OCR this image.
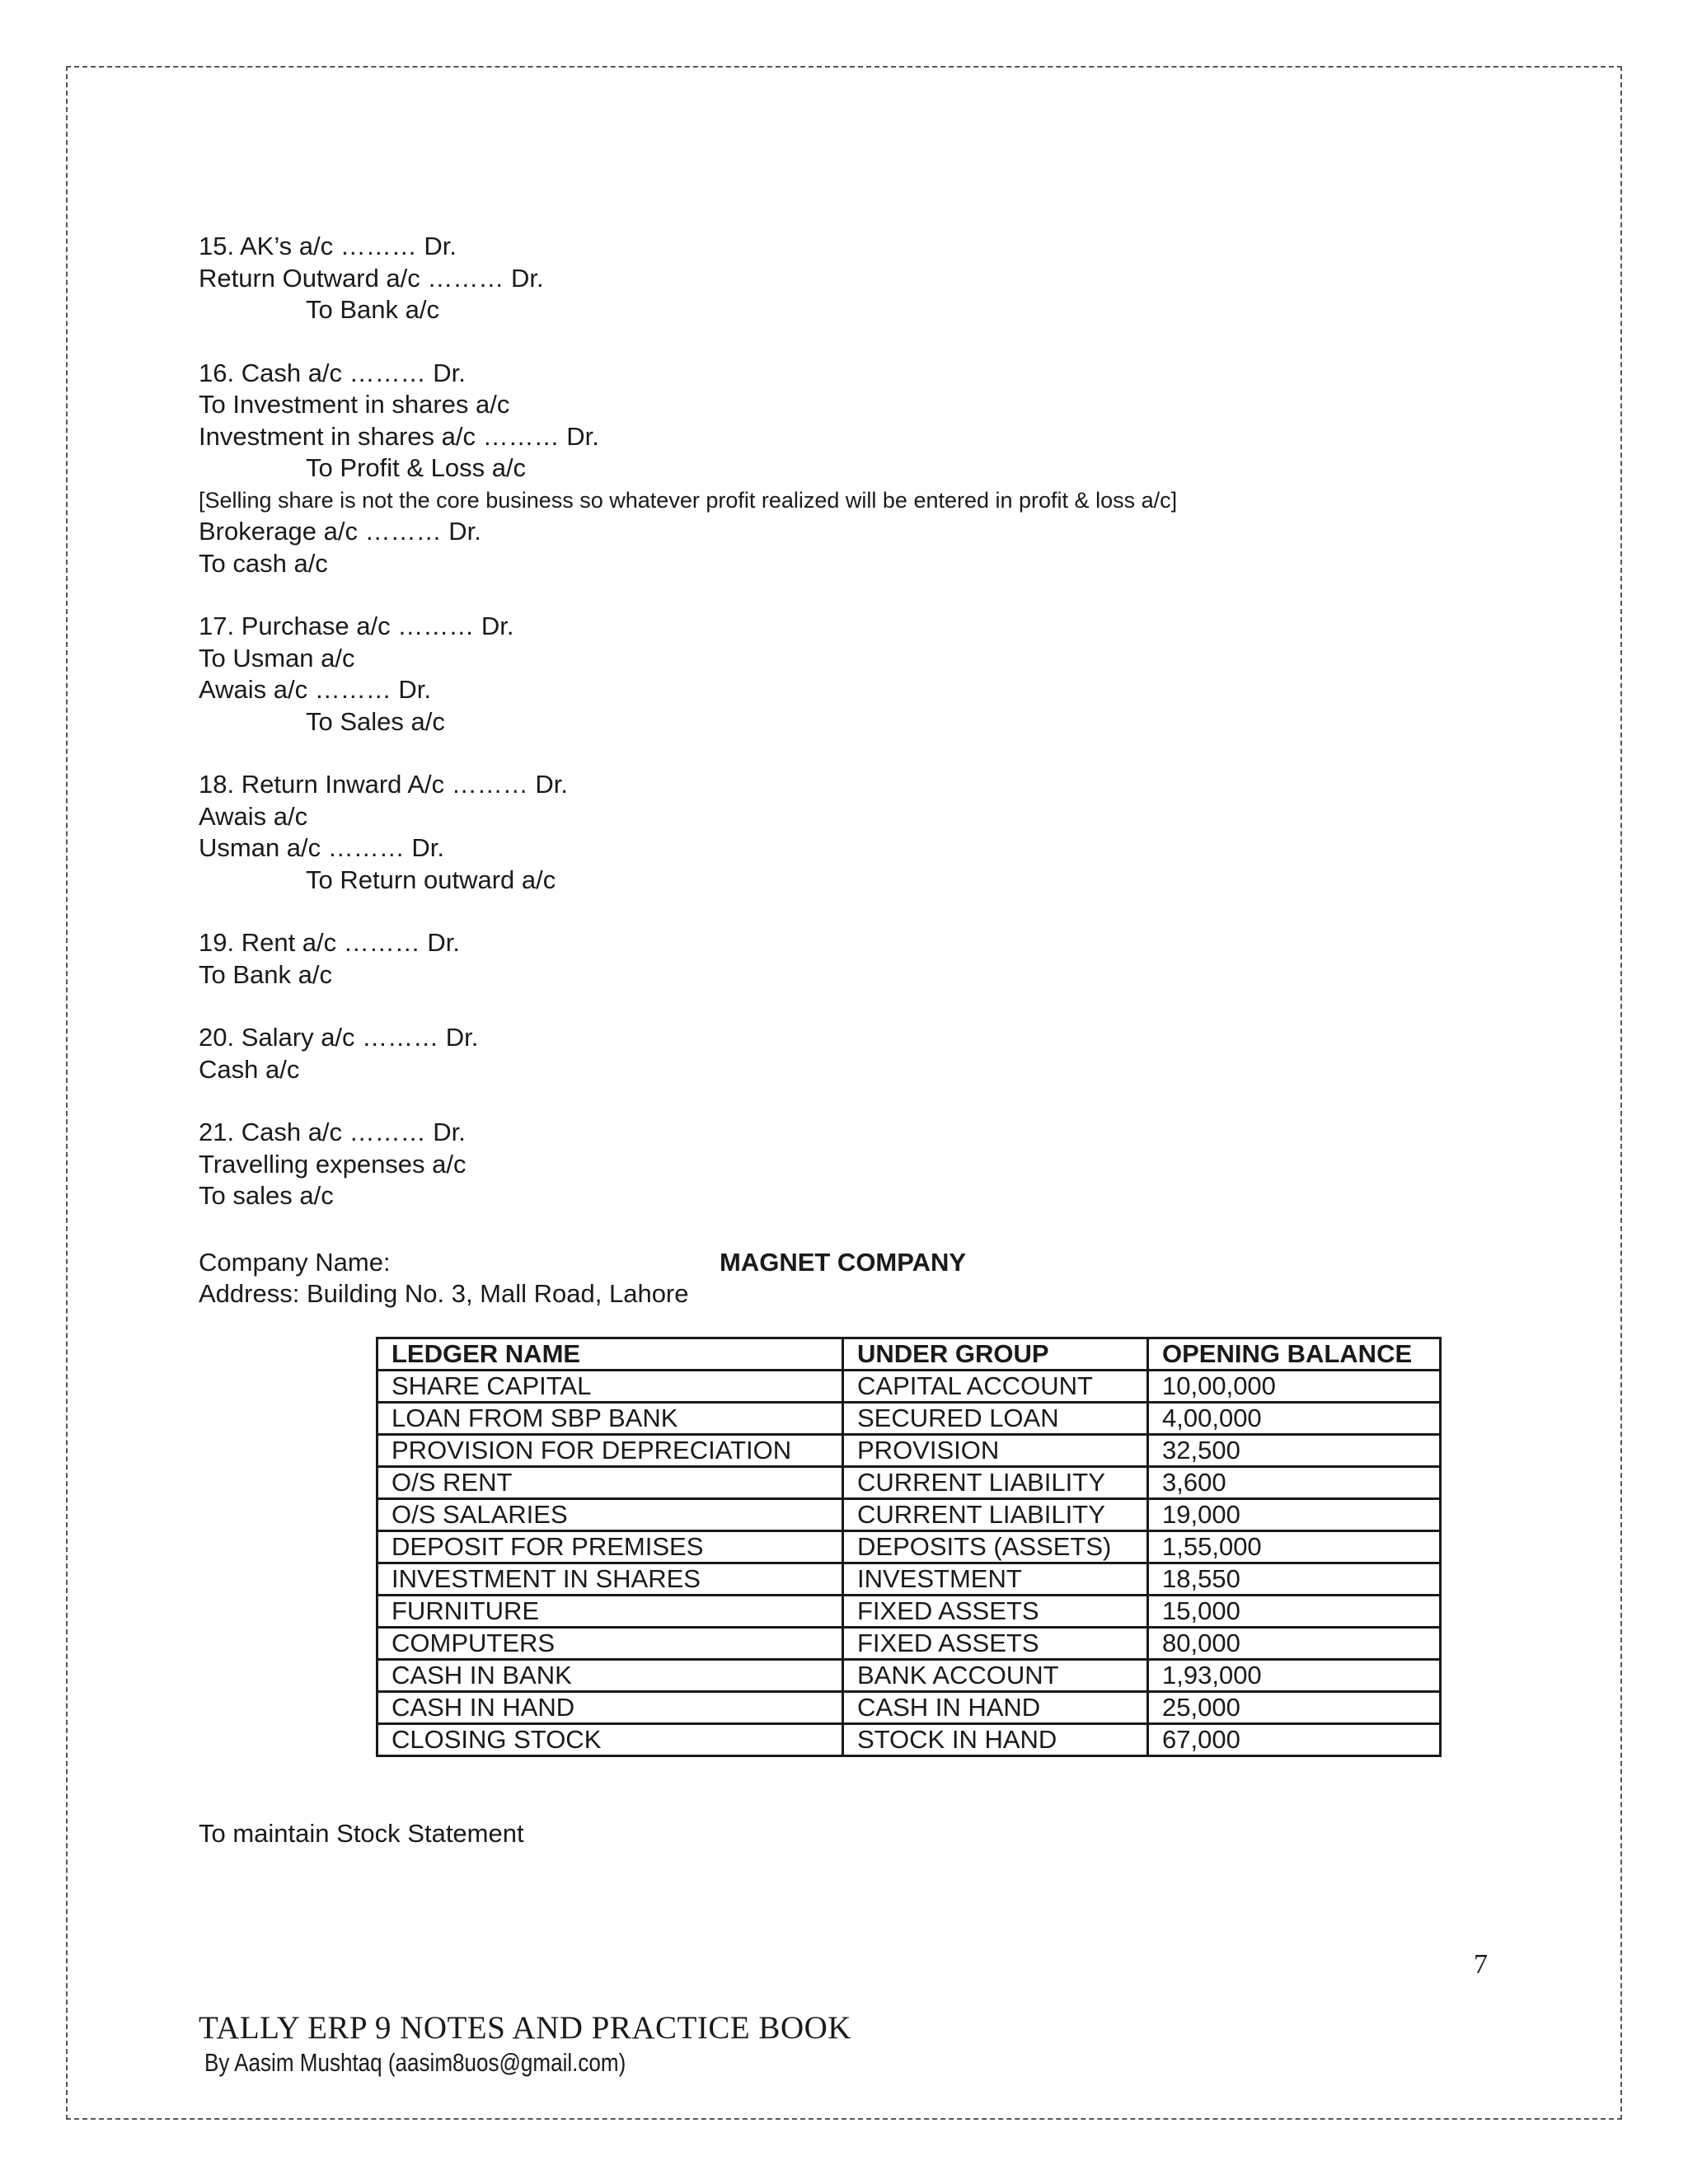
15. AK’s a/c ……… Dr.
Return Outward a/c ……… Dr.
To Bank a/c
16. Cash a/c ……… Dr.
To Investment in shares a/c
Investment in shares a/c ……… Dr.
To Profit & Loss a/c
[Selling share is not the core business so whatever profit realized will be entered in profit & loss a/c]
Brokerage a/c ……… Dr.
To cash a/c
17. Purchase a/c ……… Dr.
To Usman a/c
Awais a/c ……… Dr.
To Sales a/c
18. Return Inward A/c ……… Dr.
Awais a/c
Usman a/c ……… Dr.
To Return outward a/c
19. Rent a/c ……… Dr.
To Bank a/c
20. Salary a/c ……… Dr.
Cash a/c
21. Cash a/c ……… Dr.
Travelling expenses a/c
To sales a/c
Company Name:	MAGNET COMPANY
Address: Building No. 3, Mall Road, Lahore
LEDGER NAME	UNDER GROUP	OPENING BALANCE
SHARE CAPITAL	CAPITAL ACCOUNT	10,00,000
LOAN FROM SBP BANK	SECURED LOAN	4,00,000
PROVISION FOR DEPRECIATION	PROVISION	32,500
O/S RENT	CURRENT LIABILITY	3,600
O/S SALARIES	CURRENT LIABILITY	19,000
DEPOSIT FOR PREMISES	DEPOSITS (ASSETS)	1,55,000
INVESTMENT IN SHARES	INVESTMENT	18,550
FURNITURE	FIXED ASSETS	15,000
COMPUTERS	FIXED ASSETS	80,000
CASH IN BANK	BANK ACCOUNT	1,93,000
CASH IN HAND	CASH IN HAND	25,000
CLOSING STOCK	STOCK IN HAND	67,000
To maintain Stock Statement
7
TALLY ERP 9 NOTES AND PRACTICE BOOK
By Aasim Mushtaq (aasim8uos@gmail.com)
